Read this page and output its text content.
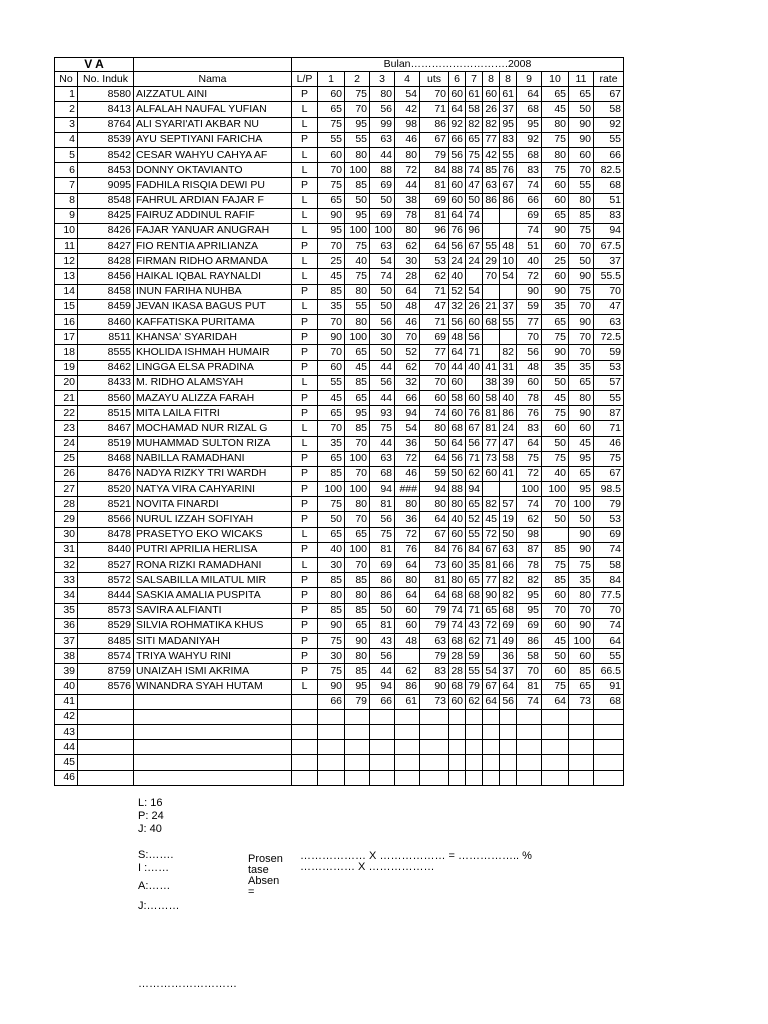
V A			Bulan……………………….2008													
No	No. Induk	Nama	L/P	1	2	3	4	uts	6	7	8	8	9	10	11	rate
1	8580	AIZZATUL AINI	P	60	75	80	54	70	60	61	60	61	64	65	65	67
2	8413	ALFALAH NAUFAL YUFIAN	L	65	70	56	42	71	64	58	26	37	68	45	50	58
3	8764	ALI SYARI'ATI AKBAR NU	L	75	95	99	98	86	92	82	82	95	95	80	90	92
4	8539	AYU SEPTIYANI FARICHA	P	55	55	63	46	67	66	65	77	83	92	75	90	55
5	8542	CESAR WAHYU CAHYA AF	L	60	80	44	80	79	56	75	42	55	68	80	60	66
6	8453	DONNY OKTAVIANTO	L	70	100	88	72	84	88	74	85	76	83	75	70	82.5
7	9095	FADHILA RISQIA DEWI PU	P	75	85	69	44	81	60	47	63	67	74	60	55	68
8	8548	FAHRUL ARDIAN FAJAR F	L	65	50	50	38	69	60	50	86	86	66	60	80	51
9	8425	FAIRUZ ADDINUL RAFIF	L	90	95	69	78	81	64	74			69	65	85	83
10	8426	FAJAR YANUAR ANUGRAH	L	95	100	100	80	96	76	96			74	90	75	94
11	8427	FIO RENTIA APRILIANZA	P	70	75	63	62	64	56	67	55	48	51	60	70	67.5
12	8428	FIRMAN RIDHO ARMANDA	L	25	40	54	30	53	24	24	29	10	40	25	50	37
13	8456	HAIKAL IQBAL RAYNALDI	L	45	75	74	28	62	40		70	54	72	60	90	55.5
14	8458	INUN FARIHA NUHBA	P	85	80	50	64	71	52	54			90	90	75	70
15	8459	JEVAN IKASA BAGUS PUT	L	35	55	50	48	47	32	26	21	37	59	35	70	47
16	8460	KAFFATISKA PURITAMA	P	70	80	56	46	71	56	60	68	55	77	65	90	63
17	8511	KHANSA' SYARIDAH	P	90	100	30	70	69	48	56			70	75	70	72.5
18	8555	KHOLIDA ISHMAH HUMAIR	P	70	65	50	52	77	64	71		82	56	90	70	59
19	8462	LINGGA ELSA PRADINA	P	60	45	44	62	70	44	40	41	31	48	35	35	53
20	8433	M. RIDHO ALAMSYAH	L	55	85	56	32	70	60		38	39	60	50	65	57
21	8560	MAZAYU ALIZZA FARAH	P	45	65	44	66	60	58	60	58	40	78	45	80	55
22	8515	MITA LAILA FITRI	P	65	95	93	94	74	60	76	81	86	76	75	90	87
23	8467	MOCHAMAD NUR RIZAL G	L	70	85	75	54	80	68	67	81	24	83	60	60	71
24	8519	MUHAMMAD SULTON RIZA	L	35	70	44	36	50	64	56	77	47	64	50	45	46
25	8468	NABILLA RAMADHANI	P	65	100	63	72	64	56	71	73	58	75	75	95	75
26	8476	NADYA RIZKY TRI WARDH	P	85	70	68	46	59	50	62	60	41	72	40	65	67
27	8520	NATYA VIRA CAHYARINI	P	100	100	94	###	94	88	94			100	100	95	98.5
28	8521	NOVITA FINARDI	P	75	80	81	80	80	80	65	82	57	74	70	100	79
29	8566	NURUL IZZAH SOFIYAH	P	50	70	56	36	64	40	52	45	19	62	50	50	53
30	8478	PRASETYO EKO WICAKS	L	65	65	75	72	67	60	55	72	50	98		90	69
31	8440	PUTRI APRILIA HERLISA	P	40	100	81	76	84	76	84	67	63	87	85	90	74
32	8527	RONA RIZKI RAMADHANI	L	30	70	69	64	73	60	35	81	66	78	75	75	58
33	8572	SALSABILLA MILATUL MIR	P	85	85	86	80	81	80	65	77	82	82	85	35	84
34	8444	SASKIA AMALIA PUSPITA	P	80	80	86	64	64	68	68	90	82	95	60	80	77.5
35	8573	SAVIRA ALFIANTI	P	85	85	50	60	79	74	71	65	68	95	70	70	70
36	8529	SILVIA ROHMATIKA KHUS	P	90	65	81	60	79	74	43	72	69	69	60	90	74
37	8485	SITI MADANIYAH	P	75	90	43	48	63	68	62	71	49	86	45	100	64
38	8574	TRIYA WAHYU RINI	P	30	80	56		79	28	59		36	58	50	60	55
39	8759	UNAIZAH ISMI AKRIMA	P	75	85	44	62	83	28	55	54	37	70	60	85	66.5
40	8576	WINANDRA SYAH HUTAM	L	90	95	94	86	90	68	79	67	64	81	75	65	91
41				66	79	66	61	73	60	62	64	56	74	64	73	68
42																
43																
44																
45																
46																
L: 16
P: 24
J: 40
S:…….
I :……
A:……
J:………
Prosen
tase
Absen
=
……………… X ……………… = …………….. %
…………… X ………………
………………………
